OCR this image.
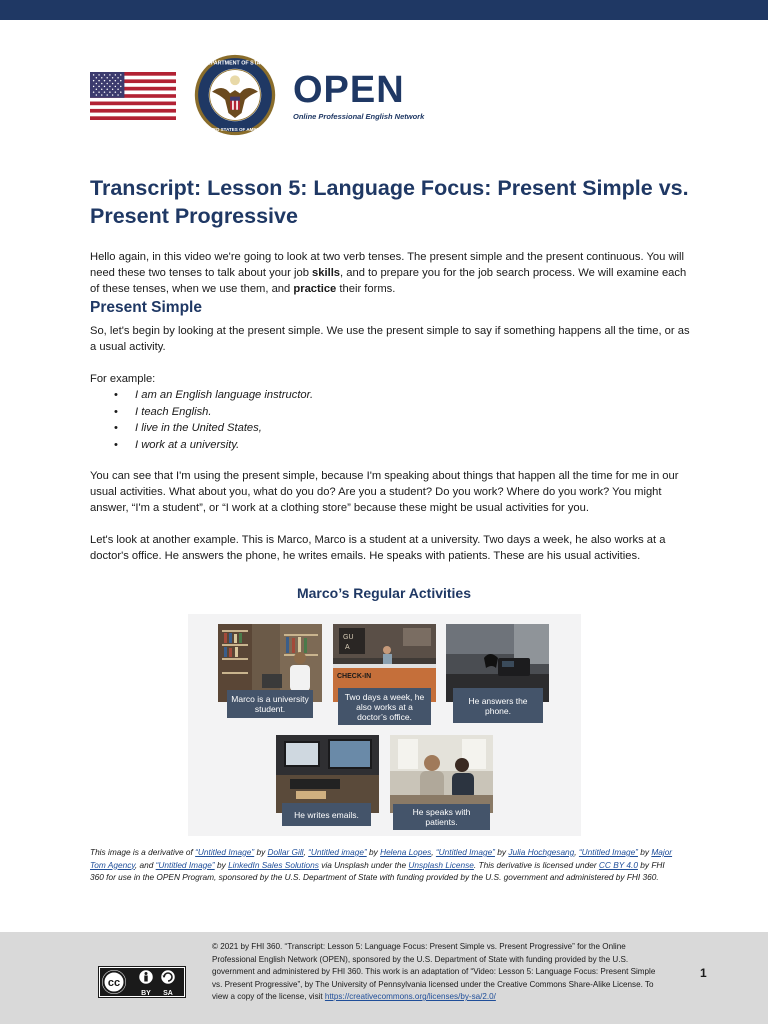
DEPARTMENT OF STATE
UNITED STATES OF AMERICA
OPEN
Online Professional English Network
Transcript: Lesson 5: Language Focus: Present Simple vs. Present Progressive

Hello again, in this video we're going to look at two verb tenses. The present simple and the present continuous. You will need these two tenses to talk about your job skills, and to prepare you for the job search process. We will examine each of these tenses, when we use them, and practice their forms.

Present Simple

So, let's begin by looking at the present simple. We use the present simple to say if something happens all the time, or as a usual activity.

For example:

• I am an English language instructor.
• I teach English.
• I live in the United States,
• I work at a university.

You can see that I'm using the present simple, because I'm speaking about things that happen all the time for me in our usual activities. What about you, what do you do? Are you a student? Do you work? Where do you work? You might answer, “I'm a student”, or “I work at a clothing store” because these might be usual activities for you.

Let's look at another example. This is Marco, Marco is a student at a university. Two days a week, he also works at a doctor's office. He answers the phone, he writes emails. He speaks with patients. These are his usual activities.

Marco’s Regular Activities
Marco is a university student.
GU
A
CHECK-IN
Two days a week, he also works at a doctor’s office.
He answers the phone.
He writes emails.	He speaks with patients.

This image is a derivative of “Untitled Image” by Dollar Gill, “Untitled image” by Helena Lopes, “Untitled Image” by Julia Hochgesang, “Untitled Image” by Major Tom Agency, and “Untitled Image” by LinkedIn Sales Solutions via Unsplash under the Unsplash License. This derivative is licensed under CC BY 4.0 by FHI 360 for use in the OPEN Program, sponsored by the U.S. Department of State with funding provided by the U.S. government and administered by FHI 360.

cc
BY SA

© 2021 by FHI 360. “Transcript: Lesson 5: Language Focus: Present Simple vs. Present Progressive” for the Online Professional English Network (OPEN), sponsored by the U.S. Department of State with funding provided by the U.S. government and administered by FHI 360. This work is an adaptation of “Video: Lesson 5: Language Focus: Present Simple vs. Present Progressive”, by The University of Pennsylvania licensed under the Creative Commons Share-Alike License. To view a copy of the license, visit https://creativecommons.org/licenses/by-sa/2.0/

1
